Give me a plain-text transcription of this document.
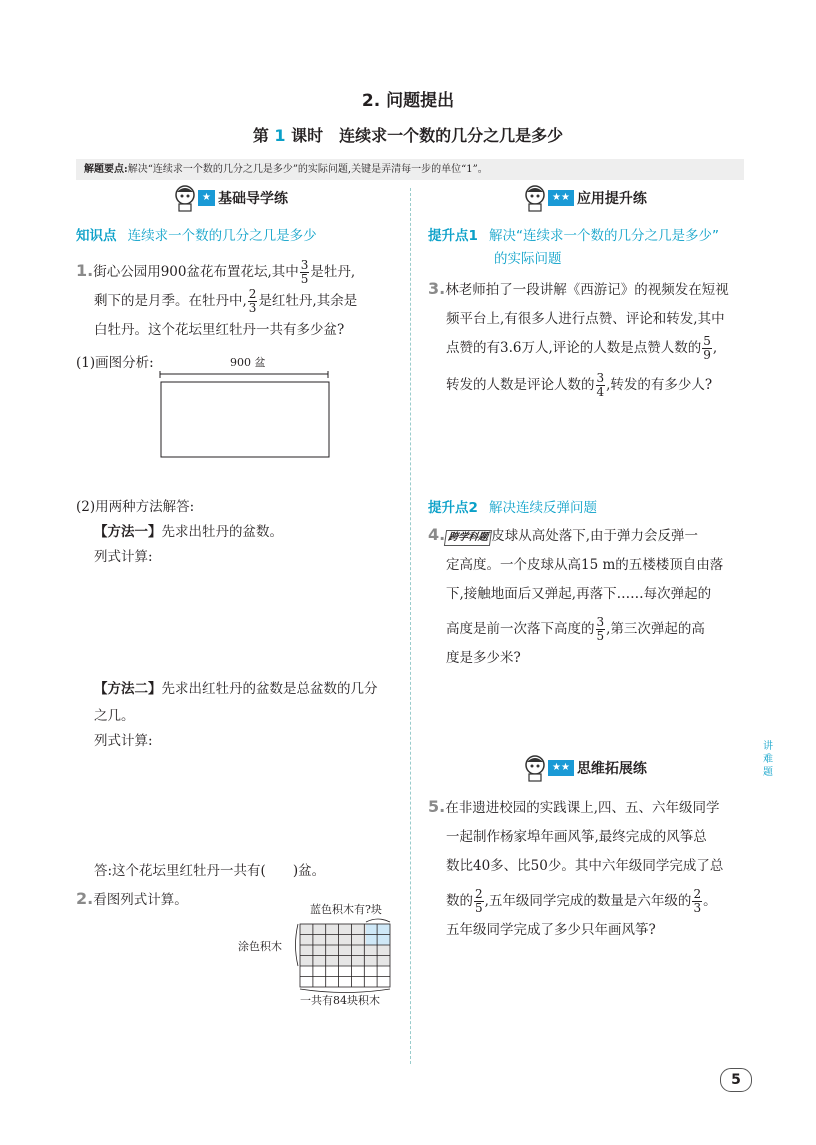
2. 问题提出
第 1 课时　连续求一个数的几分之几是多少
解题要点:解决“连续求一个数的几分之几是多少”的实际问题,关键是弄清每一步的单位“1”。
★ 基础导学练
知识点 连续求一个数的几分之几是多少
1.街心公园用900盆花布置花坛,其中 $\frac{3}{5}$ 是牡丹,
剩下的是月季。在牡丹中, $\frac{2}{3}$ 是红牡丹,其余是
白牡丹。这个花坛里红牡丹一共有多少盆?
(1)画图分析:	900 盆
(2)用两种方法解答:
【方法一】先求出牡丹的盆数。
列式计算:
【方法二】先求出红牡丹的盆数是总盆数的几分
之几。
列式计算:
答:这个花坛里红牡丹一共有(　　)盆。
2.看图列式计算。
蓝色积木有?块
涂色积木
一共有84块积木
★★ 应用提升练
提升点1 解决“连续求一个数的几分之几是多少”
的实际问题
3.林老师拍了一段讲解《西游记》的视频发在短视
频平台上,有很多人进行点赞、评论和转发,其中
点赞的有3.6万人,评论的人数是点赞人数的 $\frac{5}{9}$ ,
转发的人数是评论人数的 $\frac{3}{4}$ ,转发的有多少人?
提升点2 解决连续反弹问题
4. 跨学科题 皮球从高处落下,由于弹力会反弹一
定高度。一个皮球从高15 m的五楼楼顶自由落
下,接触地面后又弹起,再落下……每次弹起的
高度是前一次落下高度的 $\frac{3}{5}$ ,第三次弹起的高
度是多少米?
讲难题
★★ 思维拓展练
5.在非遗进校园的实践课上,四、五、六年级同学
一起制作杨家埠年画风筝,最终完成的风筝总
数比40多、比50少。其中六年级同学完成了总
数的 $\frac{2}{5}$ ,五年级同学完成的数量是六年级的 $\frac{2}{3}$ 。
五年级同学完成了多少只年画风筝?
5
